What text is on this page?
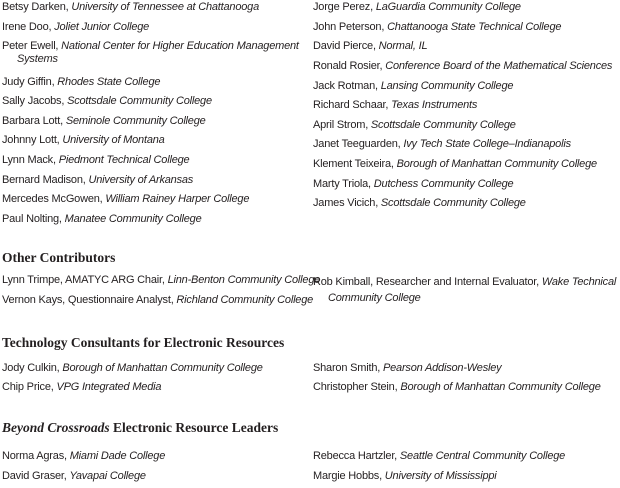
Betsy Darken, University of Tennessee at Chattanooga
Irene Doo, Joliet Junior College
Peter Ewell, National Center for Higher Education Management Systems
Judy Giffin, Rhodes State College
Sally Jacobs, Scottsdale Community College
Barbara Lott, Seminole Community College
Johnny Lott, University of Montana
Lynn Mack, Piedmont Technical College
Bernard Madison, University of Arkansas
Mercedes McGowen, William Rainey Harper College
Paul Nolting, Manatee Community College
Jorge Perez, LaGuardia Community College
John Peterson, Chattanooga State Technical College
David Pierce, Normal, IL
Ronald Rosier, Conference Board of the Mathematical Sciences
Jack Rotman, Lansing Community College
Richard Schaar, Texas Instruments
April Strom, Scottsdale Community College
Janet Teeguarden, Ivy Tech State College–Indianapolis
Klement Teixeira, Borough of Manhattan Community College
Marty Triola, Dutchess Community College
James Vicich, Scottsdale Community College
Other Contributors
Lynn Trimpe, AMATYC ARG Chair, Linn-Benton Community College
Vernon Kays, Questionnaire Analyst, Richland Community College
Rob Kimball, Researcher and Internal Evaluator, Wake Technical Community College
Technology Consultants for Electronic Resources
Jody Culkin, Borough of Manhattan Community College
Chip Price, VPG Integrated Media
Sharon Smith, Pearson Addison-Wesley
Christopher Stein, Borough of Manhattan Community College
Beyond Crossroads Electronic Resource Leaders
Norma Agras, Miami Dade College
David Graser, Yavapai College
Rebecca Hartzler, Seattle Central Community College
Margie Hobbs, University of Mississippi
